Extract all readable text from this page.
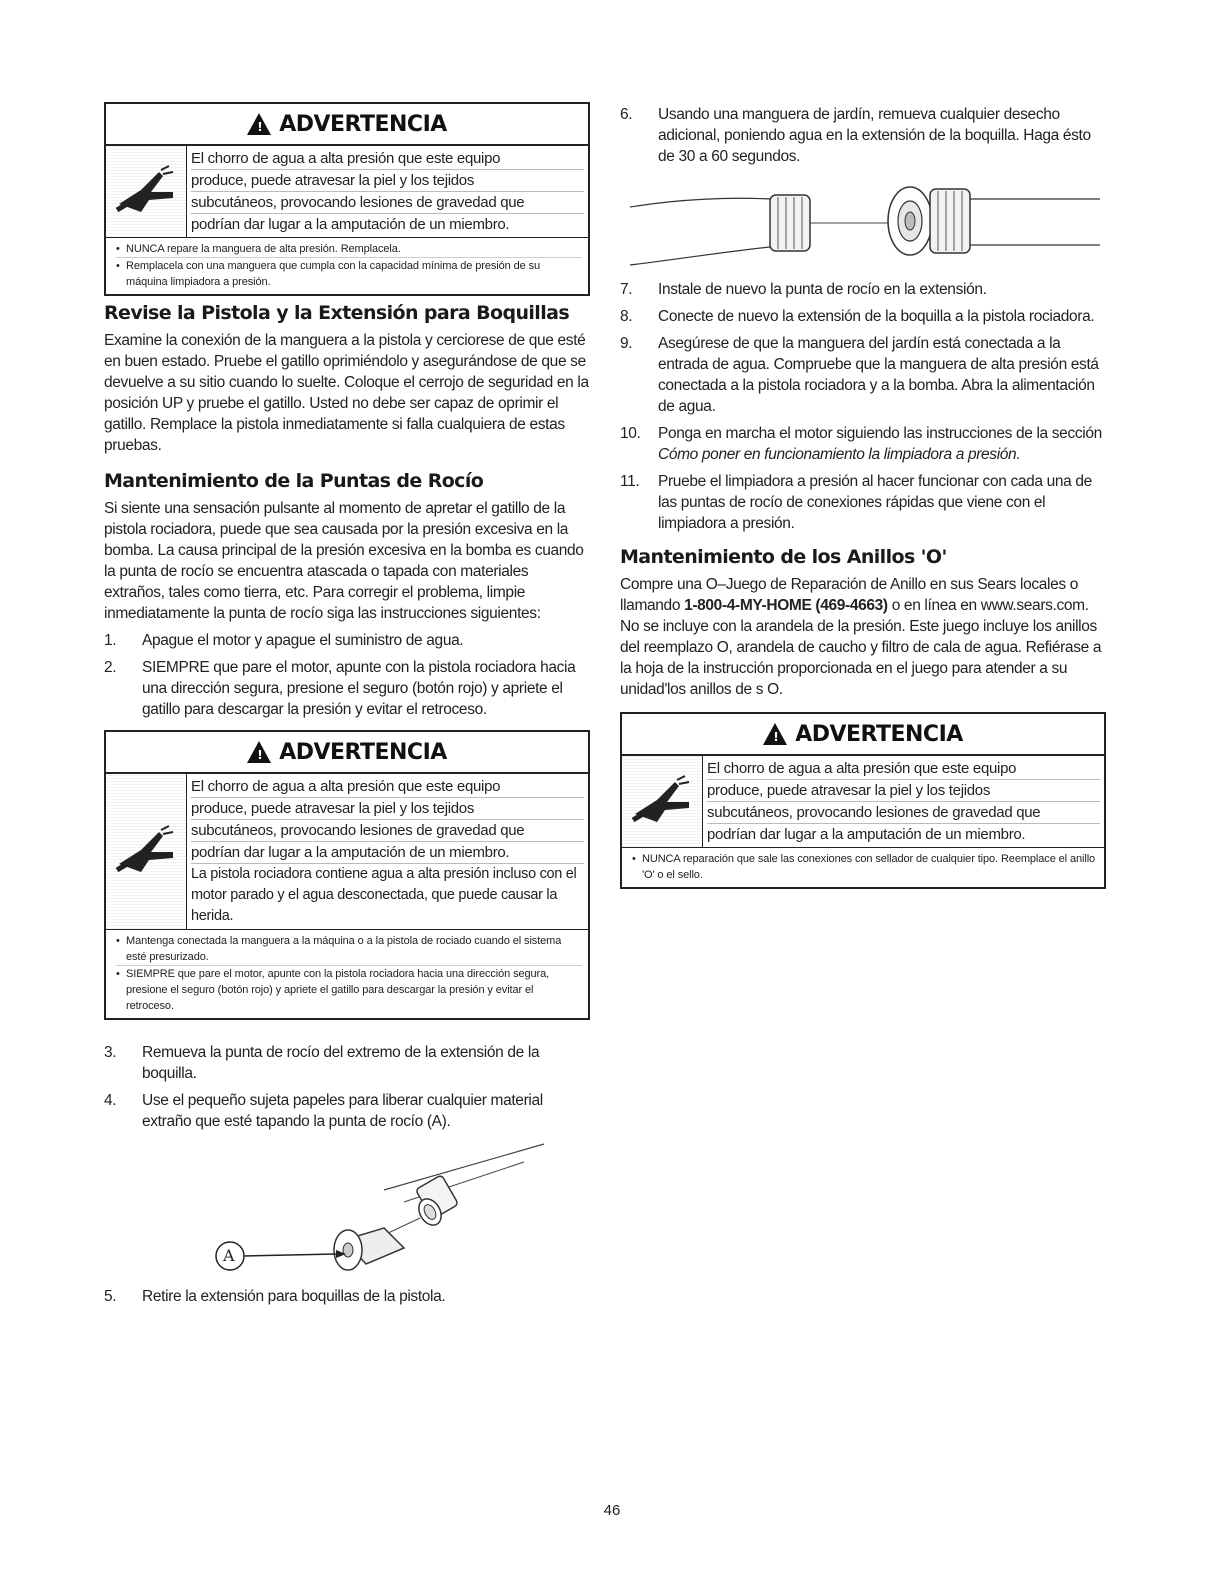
! ADVERTENCIA

El chorro de agua a alta presión que este equipo

produce, puede atravesar la piel y los tejidos

subcutáneos, provocando lesiones de gravedad que

podrían dar lugar a la amputación de un miembro.

• NUNCA repare la manguera de alta presión. Remplacela.
• Remplacela con una manguera que cumpla con la capacidad mínima de presión de su máquina limpiadora a presión.
Revise la Pistola y la Extensión para Boquillas

Examine la conexión de la manguera a la pistola y cerciorese de que esté en buen estado. Pruebe el gatillo oprimiéndolo y asegurándose de que se devuelve a su sitio cuando lo suelte. Coloque el cerrojo de seguridad en la posición UP y pruebe el gatillo. Usted no debe ser capaz de oprimir el gatillo. Remplace la pistola inmediatamente si falla cualquiera de estas pruebas.

Mantenimiento de la Puntas de Rocío

Si siente una sensación pulsante al momento de apretar el gatillo de la pistola rociadora, puede que sea causada por la presión excesiva en la bomba. La causa principal de la presión excesiva en la bomba es cuando la punta de rocío se encuentra atascada o tapada con materiales extraños, tales como tierra, etc. Para corregir el problema, limpie inmediatamente la punta de rocío siga las instrucciones siguientes:

1. Apague el motor y apague el suministro de agua.
2. SIEMPRE que pare el motor, apunte con la pistola rociadora hacia una dirección segura, presione el seguro (botón rojo) y apriete el gatillo para descargar la presión y evitar el retroceso.
! ADVERTENCIA

El chorro de agua a alta presión que este equipo

produce, puede atravesar la piel y los tejidos

subcutáneos, provocando lesiones de gravedad que

podrían dar lugar a la amputación de un miembro.

La pistola rociadora contiene agua a alta presión incluso con el motor parado y el agua desconectada, que puede causar la herida.

• Mantenga conectada la manguera a la máquina o a la pistola de rociado cuando el sistema esté presurizado.
• SIEMPRE que pare el motor, apunte con la pistola rociadora hacia una dirección segura, presione el seguro (botón rojo) y apriete el gatillo para descargar la presión y evitar el retroceso.
3. Remueva la punta de rocío del extremo de la extensión de la boquilla.
4. Use el pequeño sujeta papeles para liberar cualquier material extraño que esté tapando la punta de rocío (A).
A
5. Retire la extensión para boquillas de la pistola.
6. Usando una manguera de jardín, remueva cualquier desecho adicional, poniendo agua en la extensión de la boquilla. Haga ésto de 30 a 60 segundos.
7. Instale de nuevo la punta de rocío en la extensión.
8. Conecte de nuevo la extensión de la boquilla a la pistola rociadora.
9. Asegúrese de que la manguera del jardín está conectada a la entrada de agua. Compruebe que la manguera de alta presión está conectada a la pistola rociadora y a la bomba. Abra la alimentación de agua.
10. Ponga en marcha el motor siguiendo las instrucciones de la sección Cómo poner en funcionamiento la limpiadora a presión.
11. Pruebe el limpiadora a presión al hacer funcionar con cada una de las puntas de rocío de conexiones rápidas que viene con el limpiadora a presión.
Mantenimiento de los Anillos 'O'

Compre una O–Juego de Reparación de Anillo en sus Sears locales o llamando 1-800-4-MY-HOME (469-4663) o en línea en www.sears.com. No se incluye con la arandela de la presión. Este juego incluye los anillos del reemplazo O, arandela de caucho y filtro de cala de agua. Refiérase a la hoja de la instrucción proporcionada en el juego para atender a su unidad'los anillos de s O.

! ADVERTENCIA

El chorro de agua a alta presión que este equipo

produce, puede atravesar la piel y los tejidos

subcutáneos, provocando lesiones de gravedad que

podrían dar lugar a la amputación de un miembro.

• NUNCA reparación que sale las conexiones con sellador de cualquier tipo. Reemplace el anillo 'O' o el sello.
46

El chorro de agua a alta presión que este equipo produce, puede atravesar la piel y los tejidos subcutáneos, provocando lesiones de gravedad que podrían dar lugar a la amputación de un miembro.
